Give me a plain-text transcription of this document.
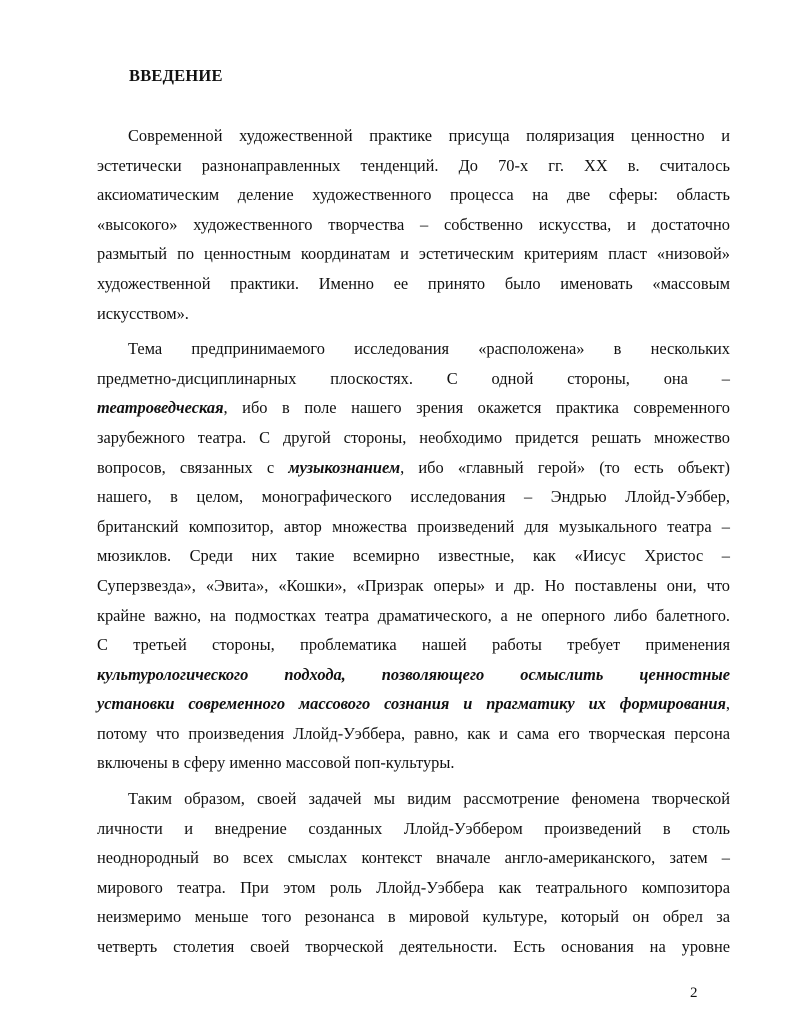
ВВЕДЕНИЕ
Современной художественной практике присуща поляризация ценностно и
эстетически разнонаправленных тенденций. До 70-х гг. XX в. считалось
аксиоматическим деление художественного процесса на две сферы: область
«высокого» художественного творчества – собственно искусства, и достаточно
размытый по ценностным координатам и эстетическим критериям пласт «низовой»
художественной практики. Именно ее принято было именовать «массовым
искусством».
Тема предпринимаемого исследования «расположена» в нескольких
предметно-дисциплинарных плоскостях. С одной стороны, она –
театроведческая, ибо в поле нашего зрения окажется практика современного
зарубежного театра. С другой стороны, необходимо придется решать множество
вопросов, связанных с музыкознанием, ибо «главный герой» (то есть объект)
нашего, в целом, монографического исследования – Эндрью Ллойд-Уэббер,
британский композитор, автор множества произведений для музыкального театра –
мюзиклов. Среди них такие всемирно известные, как «Иисус Христос –
Суперзвезда», «Эвита», «Кошки», «Призрак оперы» и др. Но поставлены они, что
крайне важно, на подмостках театра драматического, а не оперного либо балетного.
С третьей стороны, проблематика нашей работы требует применения
культурологического подхода, позволяющего осмыслить ценностные
установки современного массового сознания и прагматику их формирования,
потому что произведения Ллойд-Уэббера, равно, как и сама его творческая персона
включены в сферу именно массовой поп-культуры.
Таким образом, своей задачей мы видим рассмотрение феномена творческой
личности и внедрение созданных Ллойд-Уэббером произведений в столь
неоднородный во всех смыслах контекст вначале англо-американского, затем –
мирового театра. При этом роль Ллойд-Уэббера как театрального композитора
неизмеримо меньше того резонанса в мировой культуре, который он обрел за
четверть столетия своей творческой деятельности. Есть основания на уровне
2
